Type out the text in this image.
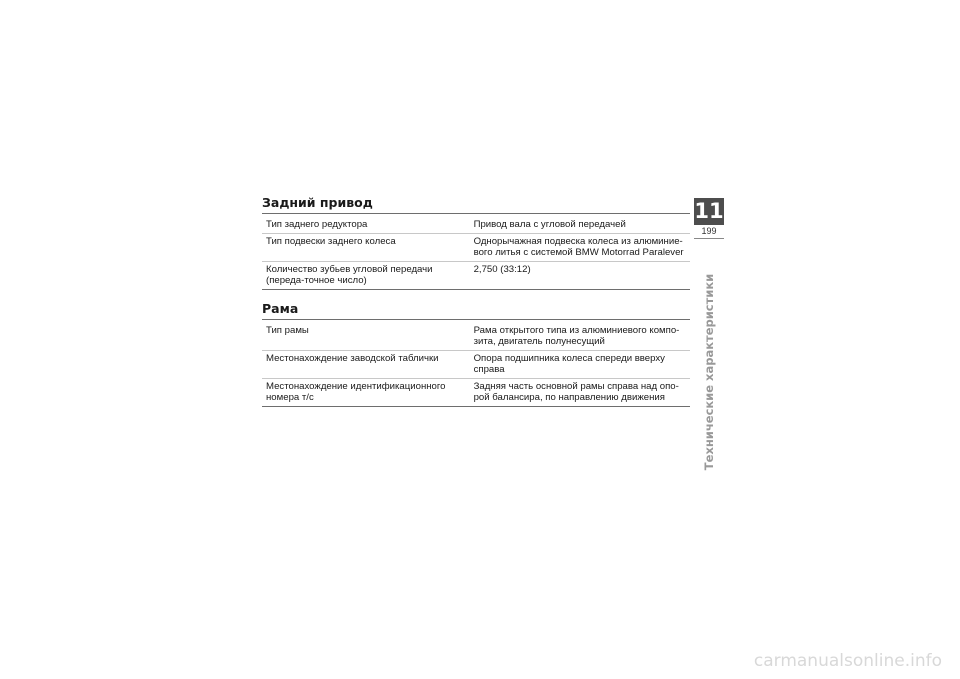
Задний привод
Тип заднего редуктора	Привод вала с угловой передачей
Тип подвески заднего колеса	Однорычажная подвеска колеса из алюминие-вого литья с системой BMW Motorrad Paralever
Количество зубьев угловой передачи (переда-точное число)	2,750 (33:12)
Рама
Тип рамы	Рама открытого типа из алюминиевого компо-зита, двигатель полунесущий
Местонахождение заводской таблички	Опора подшипника колеса спереди вверху справа
Местонахождение идентификационного номера т/с	Задняя часть основной рамы справа над опо-рой балансира, по направлению движения
11
199
Технические характеристики
carmanualsonline.info
